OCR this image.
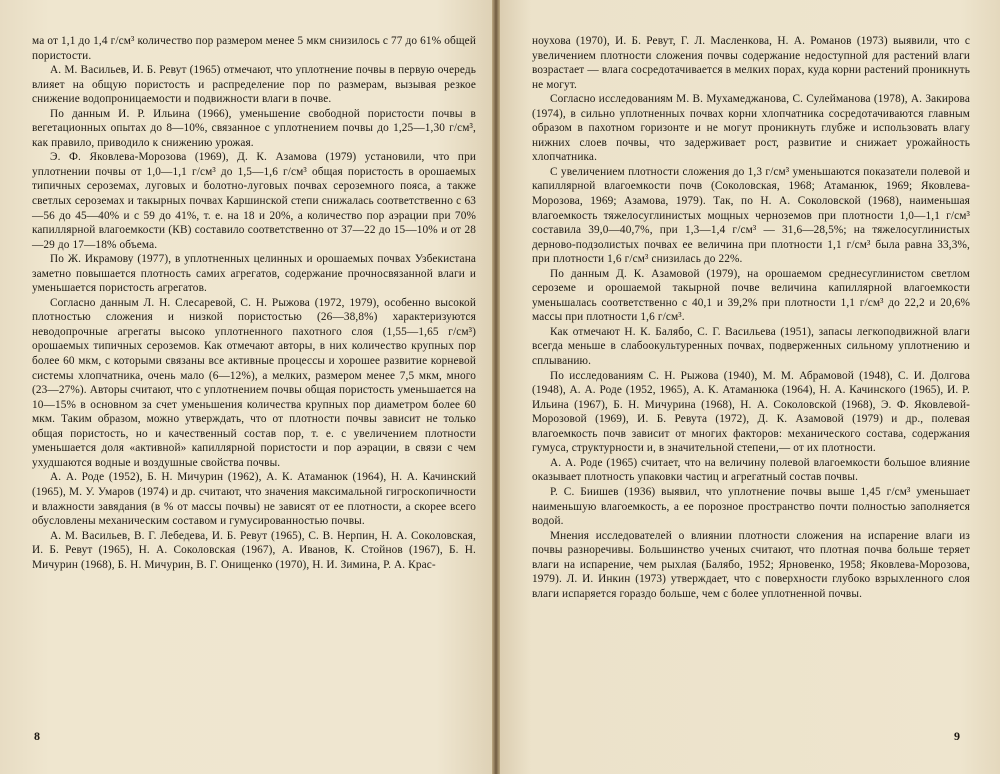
ма от 1,1 до 1,4 г/см³ количество пор размером менее 5 мкм снизилось с 77 до 61% общей пористости.

А. М. Васильев, И. Б. Ревут (1965) отмечают, что уплотнение почвы в первую очередь влияет на общую пористость и распределение пор по размерам, вызывая резкое снижение водопроницаемости и подвижности влаги в почве.

По данным И. Р. Ильина (1966), уменьшение свободной пористости почвы в вегетационных опытах до 8—10%, связанное с уплотнением почвы до 1,25—1,30 г/см³, как правило, приводило к снижению урожая.

Э. Ф. Яковлева-Морозова (1969), Д. К. Азамова (1979) установили, что при уплотнении почвы от 1,0—1,1 г/см³ до 1,5—1,6 г/см³ общая пористость в орошаемых типичных сероземах, луговых и болотно-луговых почвах сероземного пояса, а также светлых сероземах и такырных почвах Каршинской степи снижалась соответственно с 63—56 до 45—40% и с 59 до 41%, т. е. на 18 и 20%, а количество пор аэрации при 70% капиллярной влагоемкости (КВ) составило соответственно от 37—22 до 15—10% и от 28—29 до 17—18% объема.

По Ж. Икрамову (1977), в уплотненных целинных и орошаемых почвах Узбекистана заметно повышается плотность самих агрегатов, содержание прочносвязанной влаги и уменьшается пористость агрегатов.

Согласно данным Л. Н. Слесаревой, С. Н. Рыжова (1972, 1979), особенно высокой плотностью сложения и низкой пористостью (26—38,8%) характеризуются неводопрочные агрегаты высоко уплотненного пахотного слоя (1,55—1,65 г/см³) орошаемых типичных сероземов. Как отмечают авторы, в них количество крупных пор более 60 мкм, с которыми связаны все активные процессы и хорошее развитие корневой системы хлопчатника, очень мало (6—12%), а мелких, размером менее 7,5 мкм, много (23—27%). Авторы считают, что с уплотнением почвы общая пористость уменьшается на 10—15% в основном за счет уменьшения количества крупных пор диаметром более 60 мкм. Таким образом, можно утверждать, что от плотности почвы зависит не только общая пористость, но и качественный состав пор, т. е. с увеличением плотности уменьшается доля «активной» капиллярной пористости и пор аэрации, в связи с чем ухудшаются водные и воздушные свойства почвы.

А. А. Роде (1952), Б. Н. Мичурин (1962), А. К. Атаманюк (1964), Н. А. Качинский (1965), М. У. Умаров (1974) и др. считают, что значения максимальной гигроскопичности и влажности завядания (в % от массы почвы) не зависят от ее плотности, а скорее всего обусловлены механическим составом и гумусированностью почвы.

А. М. Васильев, В. Г. Лебедева, И. Б. Ревут (1965), С. В. Нерпин, Н. А. Соколовская, И. Б. Ревут (1965), Н. А. Соколовская (1967), А. Иванов, К. Стойнов (1967), Б. Н. Мичурин (1968), Б. Н. Мичурин, В. Г. Онищенко (1970), Н. И. Зимина, Р. А. Крас-

8

ноухова (1970), И. Б. Ревут, Г. Л. Масленкова, Н. А. Романов (1973) выявили, что с увеличением плотности сложения почвы содержание недоступной для растений влаги возрастает — влага сосредотачивается в мелких порах, куда корни растений проникнуть не могут.

Согласно исследованиям М. В. Мухамеджанова, С. Сулейманова (1978), А. Закирова (1974), в сильно уплотненных почвах корни хлопчатника сосредотачиваются главным образом в пахотном горизонте и не могут проникнуть глубже и использовать влагу нижних слоев почвы, что задерживает рост, развитие и снижает урожайность хлопчатника.

С увеличением плотности сложения до 1,3 г/см³ уменьшаются показатели полевой и капиллярной влагоемкости почв (Соколовская, 1968; Атаманюк, 1969; Яковлева-Морозова, 1969; Азамова, 1979). Так, по Н. А. Соколовской (1968), наименьшая влагоемкость тяжелосуглинистых мощных черноземов при плотности 1,0—1,1 г/см³ составила 39,0—40,7%, при 1,3—1,4 г/см³ — 31,6—28,5%; на тяжелосуглинистых дерново-подзолистых почвах ее величина при плотности 1,1 г/см³ была равна 33,3%, при плотности 1,6 г/см³ снизилась до 22%.

По данным Д. К. Азамовой (1979), на орошаемом среднесуглинистом светлом сероземе и орошаемой такырной почве величина капиллярной влагоемкости уменьшалась соответственно с 40,1 и 39,2% при плотности 1,1 г/см³ до 22,2 и 20,6% массы при плотности 1,6 г/см³.

Как отмечают Н. К. Балябо, С. Г. Васильева (1951), запасы легкоподвижной влаги всегда меньше в слабоокультуренных почвах, подверженных сильному уплотнению и сплыванию.

По исследованиям С. Н. Рыжова (1940), М. М. Абрамовой (1948), С. И. Долгова (1948), А. А. Роде (1952, 1965), А. К. Атаманюка (1964), Н. А. Качинского (1965), И. Р. Ильина (1967), Б. Н. Мичурина (1968), Н. А. Соколовской (1968), Э. Ф. Яковлевой-Морозовой (1969), И. Б. Ревута (1972), Д. К. Азамовой (1979) и др., полевая влагоемкость почв зависит от многих факторов: механического состава, содержания гумуса, структурности и, в значительной степени,— от их плотности.

А. А. Роде (1965) считает, что на величину полевой влагоемкости большое влияние оказывает плотность упаковки частиц и агрегатный состав почвы.

Р. С. Биишев (1936) выявил, что уплотнение почвы выше 1,45 г/см³ уменьшает наименьшую влагоемкость, а ее порозное пространство почти полностью заполняется водой.

Мнения исследователей о влиянии плотности сложения на испарение влаги из почвы разноречивы. Большинство ученых считают, что плотная почва больше теряет влаги на испарение, чем рыхлая (Балябо, 1952; Ярновенко, 1958; Яковлева-Морозова, 1979). Л. И. Инкин (1973) утверждает, что с поверхности глубоко взрыхленного слоя влаги испаряется гораздо больше, чем с более уплотненной почвы.

9
